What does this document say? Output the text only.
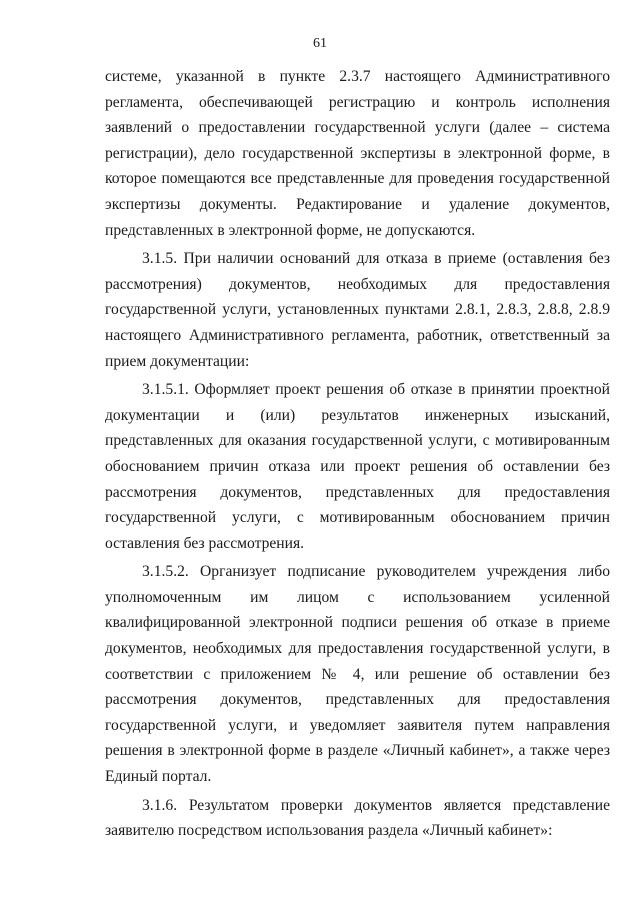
61

системе, указанной в пункте 2.3.7 настоящего Административного регламента, обеспечивающей регистрацию и контроль исполнения заявлений о предоставлении государственной услуги (далее – система регистрации), дело государственной экспертизы в электронной форме, в которое помещаются все представленные для проведения государственной экспертизы документы. Редактирование и удаление документов, представленных в электронной форме, не допускаются.

3.1.5. При наличии оснований для отказа в приеме (оставления без рассмотрения) документов, необходимых для предоставления государственной услуги, установленных пунктами 2.8.1, 2.8.3, 2.8.8, 2.8.9 настоящего Административного регламента, работник, ответственный за прием документации:

3.1.5.1. Оформляет проект решения об отказе в принятии проектной документации и (или) результатов инженерных изысканий, представленных для оказания государственной услуги, с мотивированным обоснованием причин отказа или проект решения об оставлении без рассмотрения документов, представленных для предоставления государственной услуги, с мотивированным обоснованием причин оставления без рассмотрения.

3.1.5.2. Организует подписание руководителем учреждения либо уполномоченным им лицом с использованием усиленной квалифицированной электронной подписи решения об отказе в приеме документов, необходимых для предоставления государственной услуги, в соответствии с приложением № 4, или решение об оставлении без рассмотрения документов, представленных для предоставления государственной услуги, и уведомляет заявителя путем направления решения в электронной форме в разделе «Личный кабинет», а также через Единый портал.

3.1.6. Результатом проверки документов является представление заявителю посредством использования раздела «Личный кабинет»:
